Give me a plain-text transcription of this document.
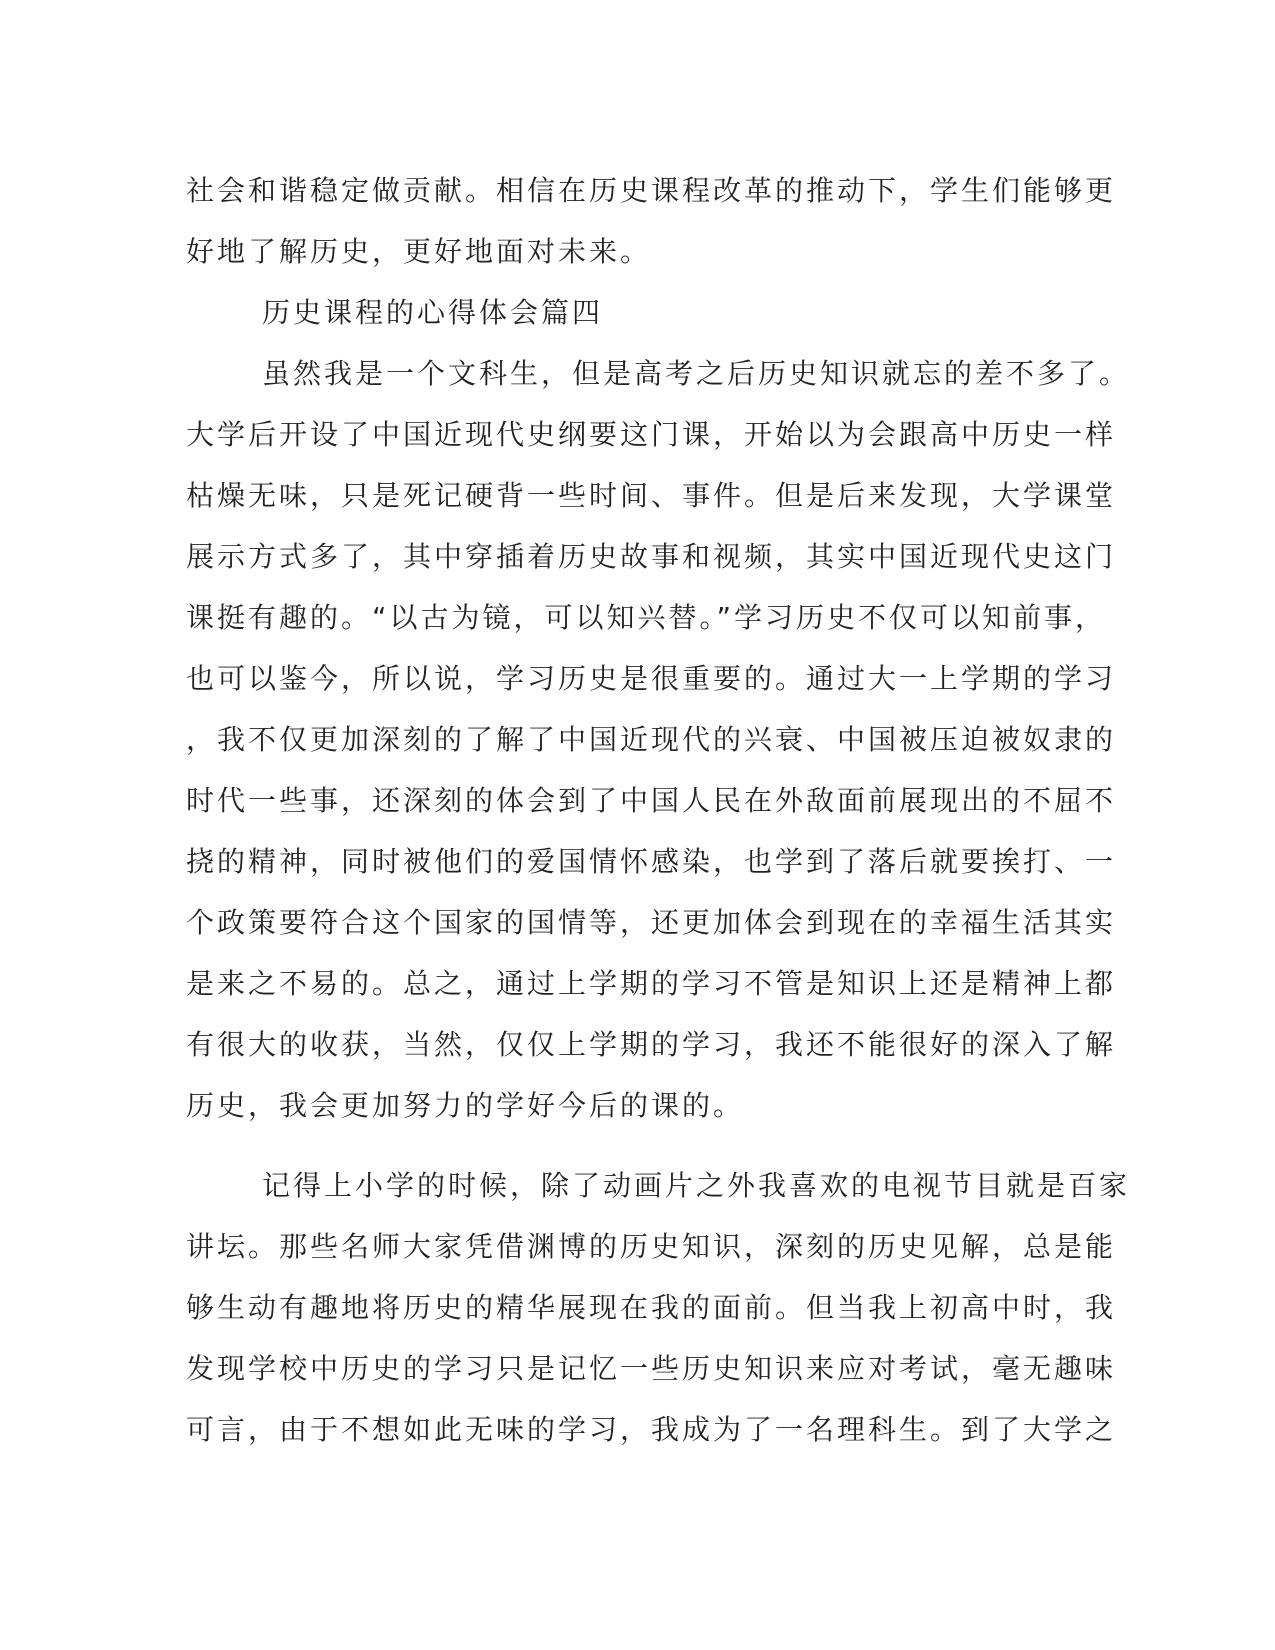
社会和谐稳定做贡献。相信在历史课程改革的推动下，学生们能够更
好地了解历史，更好地面对未来。
历史课程的心得体会篇四
虽然我是一个文科生，但是高考之后历史知识就忘的差不多了。
大学后开设了中国近现代史纲要这门课，开始以为会跟高中历史一样
枯燥无味，只是死记硬背一些时间、事件。但是后来发现，大学课堂
展示方式多了，其中穿插着历史故事和视频，其实中国近现代史这门
课挺有趣的。“以古为镜，可以知兴替。”学习历史不仅可以知前事，
也可以鉴今，所以说，学习历史是很重要的。通过大一上学期的学习
，我不仅更加深刻的了解了中国近现代的兴衰、中国被压迫被奴隶的
时代一些事，还深刻的体会到了中国人民在外敌面前展现出的不屈不
挠的精神，同时被他们的爱国情怀感染，也学到了落后就要挨打、一
个政策要符合这个国家的国情等，还更加体会到现在的幸福生活其实
是来之不易的。总之，通过上学期的学习不管是知识上还是精神上都
有很大的收获，当然，仅仅上学期的学习，我还不能很好的深入了解
历史，我会更加努力的学好今后的课的。
记得上小学的时候，除了动画片之外我喜欢的电视节目就是百家
讲坛。那些名师大家凭借渊博的历史知识，深刻的历史见解，总是能
够生动有趣地将历史的精华展现在我的面前。但当我上初高中时，我
发现学校中历史的学习只是记忆一些历史知识来应对考试，毫无趣味
可言，由于不想如此无味的学习，我成为了一名理科生。到了大学之
